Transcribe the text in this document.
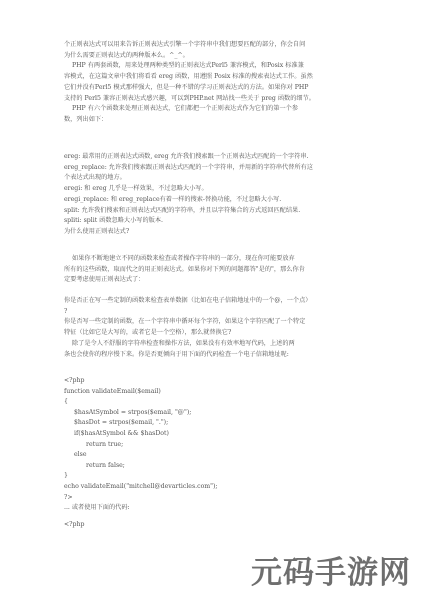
个正则表达式可以用来告诉正则表达式引擎一个字符串中我们想要匹配的部分，你会自问
为什么需要正则表达式的两种版本么。^_^。
PHP 有两套函数，用来处理两种类型的正则表达式Perl5 兼容模式，和Posix 标准兼
容模式，在这篇文章中我们将看看 ereg 函数，用遵照 Posix 标准的搜索表达式工作。虽然
它们并没有Perl5 模式那样强大，但是一种不错的学习正则表达式的方法。如果你对 PHP
支持的 Perl5 兼容正则表达式感兴趣，可以到PHP.net 网站找一些关于 preg 函数的细节。
PHP 有六个函数来处理正则表达式，它们都把一个正则表达式作为它们的第一个参
数，列出如下：
ereg: 最常用的正则表达式函数, ereg 允许我们搜索跟一个正则表达式匹配的一个字符串.
ereg_replace: 允许我们搜索跟正则表达式匹配的一个字符串，并用新的字符串代替所有这
个表达式出现的地方。
eregi: 和 ereg 几乎是一样效果，不过忽略大小写。
eregi_replace: 和 ereg_replace有着一样的搜索-替换功能，不过忽略大小写.
split: 允许我们搜索和正则表达式匹配的字符串，并且以字符集合的方式返回匹配结果.
spliti: split 函数忽略大小写的版本.
为什么使用正则表达式?
如果你不断地建立不同的函数来检查或者操作字符串的一部分，现在你可能要放弃
所有的这些函数，取而代之的用正则表达式。如果你对下列的问题都答"是的"，那么你肯
定要考虑使用正则表达式了：
你是否正在写一些定制的函数来检查表单数据（比如在电子信箱地址中的一个@，一个点）
?
你是否写一些定制的函数，在一个字符串中循环每个字符，如果这个字符匹配了一个特定
特征（比如它是大写的，或者它是一个空格），那么就替换它?
除了是令人不舒服的字符串检查和操作方法，如果没有有效率地写代码，上述的两
条也会使你的程序慢下来。你是否更倾向于用下面的代码检查一个电子信箱地址呢:
<?php
function validateEmail($email)
{
$hasAtSymbol = strpos($email, "@");
$hasDot = strpos($email, ".");
if($hasAtSymbol && $hasDot)
return true;
else
return false;
}
echo validateEmail("mitchell@devarticles.com");
?>
... 或者使用下面的代码:
<?php
元码手游网
